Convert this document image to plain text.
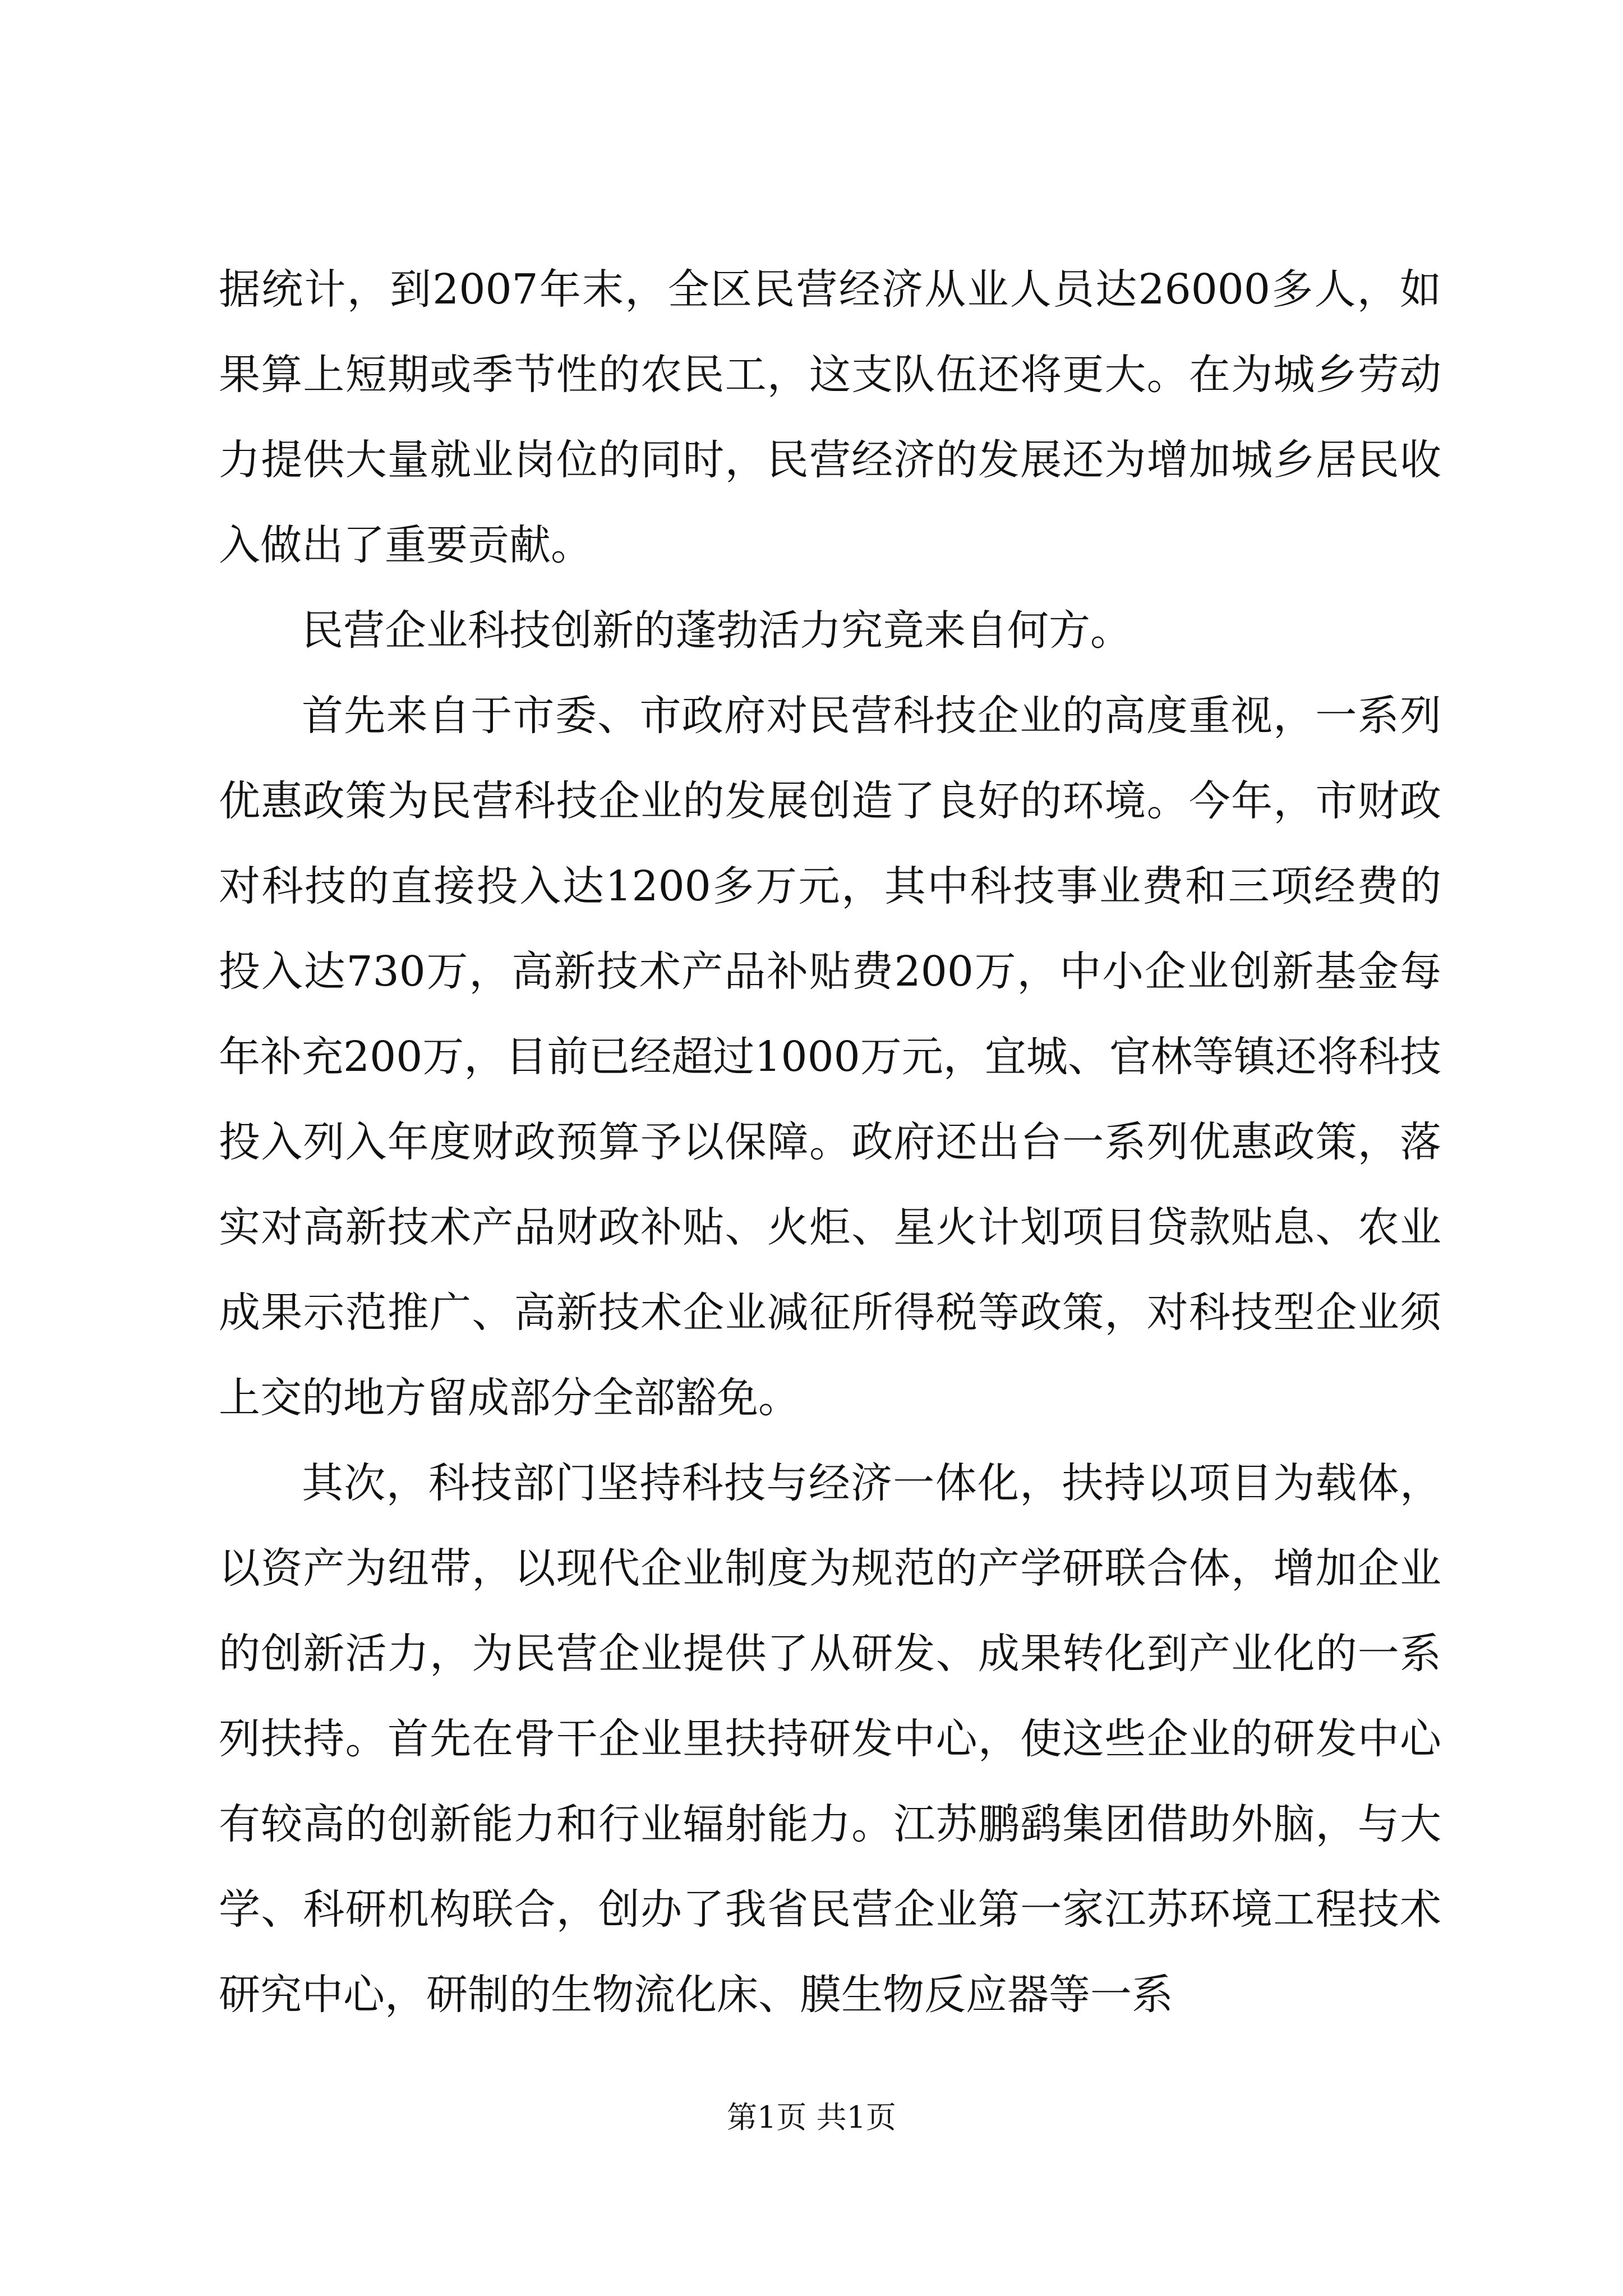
据统计，到2007年末，全区民营经济从业人员达26000多人，如果算上短期或季节性的农民工，这支队伍还将更大。在为城乡劳动力提供大量就业岗位的同时，民营经济的发展还为增加城乡居民收入做出了重要贡献。

民营企业科技创新的蓬勃活力究竟来自何方。

首先来自于市委、市政府对民营科技企业的高度重视，一系列优惠政策为民营科技企业的发展创造了良好的环境。今年，市财政对科技的直接投入达1200多万元，其中科技事业费和三项经费的投入达730万，高新技术产品补贴费200万，中小企业创新基金每年补充200万，目前已经超过1000万元，宜城、官林等镇还将科技投入列入年度财政预算予以保障。政府还出台一系列优惠政策，落实对高新技术产品财政补贴、火炬、星火计划项目贷款贴息、农业成果示范推广、高新技术企业减征所得税等政策，对科技型企业须上交的地方留成部分全部豁免。

其次，科技部门坚持科技与经济一体化，扶持以项目为载体，以资产为纽带，以现代企业制度为规范的产学研联合体，增加企业的创新活力，为民营企业提供了从研发、成果转化到产业化的一系列扶持。首先在骨干企业里扶持研发中心，使这些企业的研发中心有较高的创新能力和行业辐射能力。江苏鹏鹞集团借助外脑，与大学、科研机构联合，创办了我省民营企业第一家江苏环境工程技术研究中心，研制的生物流化床、膜生物反应器等一系

第1页 共1页
